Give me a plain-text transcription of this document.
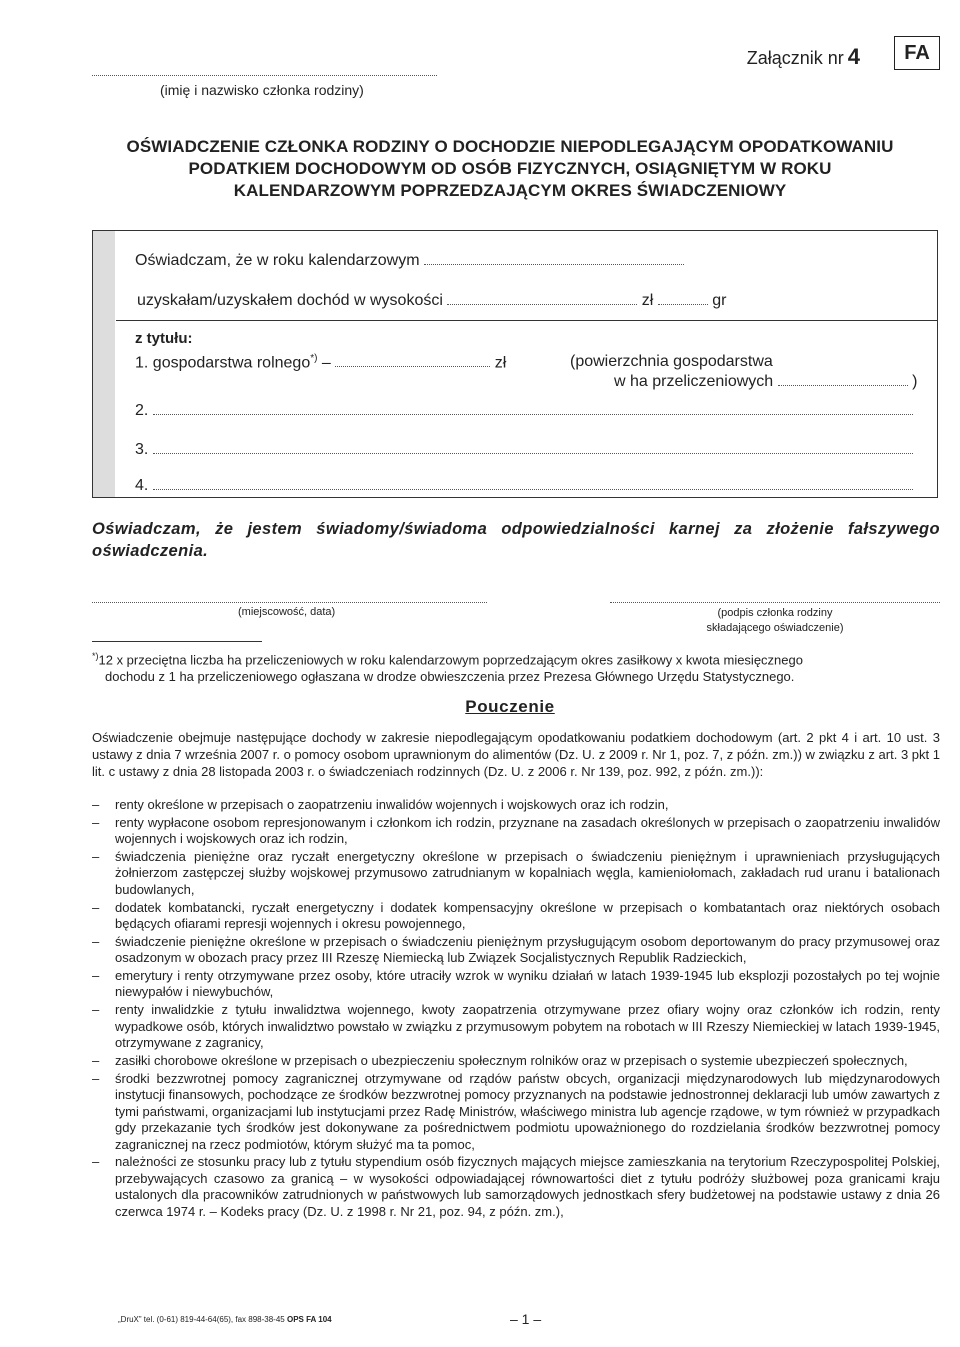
Załącznik nr 4 FA
(imię i nazwisko członka rodziny)
OŚWIADCZENIE CZŁONKA RODZINY O DOCHODZIE NIEPODLEGAJĄCYM OPODATKOWANIU
PODATKIEM DOCHODOWYM OD OSÓB FIZYCZNYCH, OSIĄGNIĘTYM W ROKU
KALENDARZOWYM POPRZEDZAJĄCYM OKRES ŚWIADCZENIOWY
Oświadczam, że w roku kalendarzowym
uzyskałam/uzyskałem dochód w wysokości	zł	gr
z tytułu:
1. gospodarstwa rolnego*) –	zł	(powierzchnia gospodarstwa
w ha przeliczeniowych	)
2.
3.
4.
Oświadczam, że jestem świadomy/świadoma odpowiedzialności karnej za złożenie fałszywego oświadczenia.
(miejscowość, data)	(podpis członka rodziny
składającego oświadczenie)
*)12 x przeciętna liczba ha przeliczeniowych w roku kalendarzowym poprzedzającym okres zasiłkowy x kwota miesięcznego
dochodu z 1 ha przeliczeniowego ogłaszana w drodze obwieszczenia przez Prezesa Głównego Urzędu Statystycznego.
Pouczenie
Oświadczenie obejmuje następujące dochody w zakresie niepodlegającym opodatkowaniu podatkiem dochodowym (art. 2 pkt 4 i art. 10 ust. 3 ustawy z dnia 7 września 2007 r. o pomocy osobom uprawnionym do alimentów (Dz. U. z 2009 r. Nr 1, poz. 7, z późn. zm.)) w związku z art. 3 pkt 1 lit. c ustawy z dnia 28 listopada 2003 r. o świadczeniach rodzinnych (Dz. U. z 2006 r. Nr 139, poz. 992, z późn. zm.)):
– renty określone w przepisach o zaopatrzeniu inwalidów wojennych i wojskowych oraz ich rodzin,
– renty wypłacone osobom represjonowanym i członkom ich rodzin, przyznane na zasadach określonych w przepisach o zaopatrzeniu inwalidów wojennych i wojskowych oraz ich rodzin,
– świadczenia pieniężne oraz ryczałt energetyczny określone w przepisach o świadczeniu pieniężnym i uprawnieniach przysługujących żołnierzom zastępczej służby wojskowej przymusowo zatrudnianym w kopalniach węgla, kamieniołomach, zakładach rud uranu i batalionach budowlanych,
– dodatek kombatancki, ryczałt energetyczny i dodatek kompensacyjny określone w przepisach o kombatantach oraz niektórych osobach będących ofiarami represji wojennych i okresu powojennego,
– świadczenie pieniężne określone w przepisach o świadczeniu pieniężnym przysługującym osobom deportowanym do pracy przymusowej oraz osadzonym w obozach pracy przez III Rzeszę Niemiecką lub Związek Socjalistycznych Republik Radzieckich,
– emerytury i renty otrzymywane przez osoby, które utraciły wzrok w wyniku działań w latach 1939-1945 lub eksplozji pozostałych po tej wojnie niewypałów i niewybuchów,
– renty inwalidzkie z tytułu inwalidztwa wojennego, kwoty zaopatrzenia otrzymywane przez ofiary wojny oraz członków ich rodzin, renty wypadkowe osób, których inwalidztwo powstało w związku z przymusowym pobytem na robotach w III Rzeszy Niemieckiej w latach 1939-1945, otrzymywane z zagranicy,
– zasiłki chorobowe określone w przepisach o ubezpieczeniu społecznym rolników oraz w przepisach o systemie ubezpieczeń społecznych,
– środki bezzwrotnej pomocy zagranicznej otrzymywane od rządów państw obcych, organizacji międzynarodowych lub międzynarodowych instytucji finansowych, pochodzące ze środków bezzwrotnej pomocy przyznanych na podstawie jednostronnej deklaracji lub umów zawartych z tymi państwami, organizacjami lub instytucjami przez Radę Ministrów, właściwego ministra lub agencje rządowe, w tym również w przypadkach gdy przekazanie tych środków jest dokonywane za pośrednictwem podmiotu upoważnionego do rozdzielania środków bezzwrotnej pomocy zagranicznej na rzecz podmiotów, którym służyć ma ta pomoc,
– należności ze stosunku pracy lub z tytułu stypendium osób fizycznych mających miejsce zamieszkania na terytorium Rzeczypospolitej Polskiej, przebywających czasowo za granicą – w wysokości odpowiadającej równowartości diet z tytułu podróży służbowej poza granicami kraju ustalonych dla pracowników zatrudnionych w państwowych lub samorządowych jednostkach sfery budżetowej na podstawie ustawy z dnia 26 czerwca 1974 r. – Kodeks pracy (Dz. U. z 1998 r. Nr 21, poz. 94, z późn. zm.),
„DruX” tel. (0-61) 819-44-64(65), fax 898-38-45 OPS FA 104	– 1 –
